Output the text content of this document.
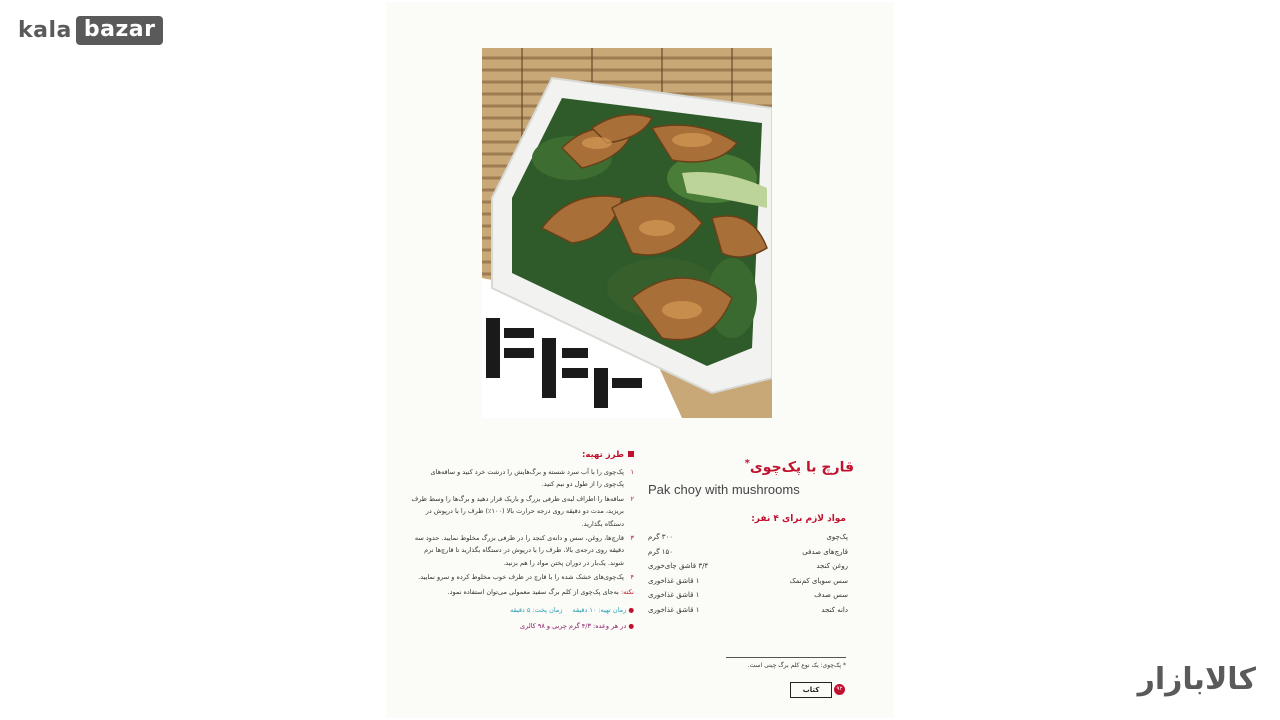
kala bazar
کالابازار
قارچ با پک‌چوی*
Pak choy with mushrooms
مواد لازم برای ۴ نفر:
پک‌چوی
۳۰۰ گرم
قارچ‌های صدفی
۱۵۰ گرم
روغن کنجد
۳/۴ قاشق چای‌خوری
سس سویای کم‌نمک
۱ قاشق غذاخوری
سس صدف
۱ قاشق غذاخوری
دانه کنجد
۱ قاشق غذاخوری
طرز تهیه:
۱
پک‌چوی را با آب سرد شسته و برگ‌هایش را درشت خرد کنید و ساقه‌های پک‌چوی را از طول دو نیم کنید.
۲
ساقه‌ها را اطراف لبه‌ی ظرفی بزرگ و باریک قرار دهید و برگ‌ها را وسط ظرف بریزید، مدت دو دقیقه روی درجه حرارت بالا (۱۰۰٪) ظرف را با درپوش در دستگاه بگذارید.
۳
قارچ‌ها، روغن، سس و دانه‌ی کنجد را در ظرفی بزرگ مخلوط نمایید. حدود سه دقیقه روی درجه‌ی بالا، ظرف را با درپوش در دستگاه بگذارید تا قارچ‌ها نرم شوند. یک‌بار در دوران پختن مواد را هم بزنید.
۴
پک‌چوی‌های خشک شده را با قارچ در ظرف خوب مخلوط کرده و سرو نمایید.
نکته: به‌جای پک‌چوی از کلم برگ سفید معمولی می‌توان استفاده نمود.
● زمان تهیه: ۱۰ دقیقه
زمان پخت: ۵ دقیقه
● در هر وعده: ۴/۳ گرم چربی و ۹۸ کالری
* پک‌چوی: یک نوع کلم برگ چینی است.
کتاب	۹۲
